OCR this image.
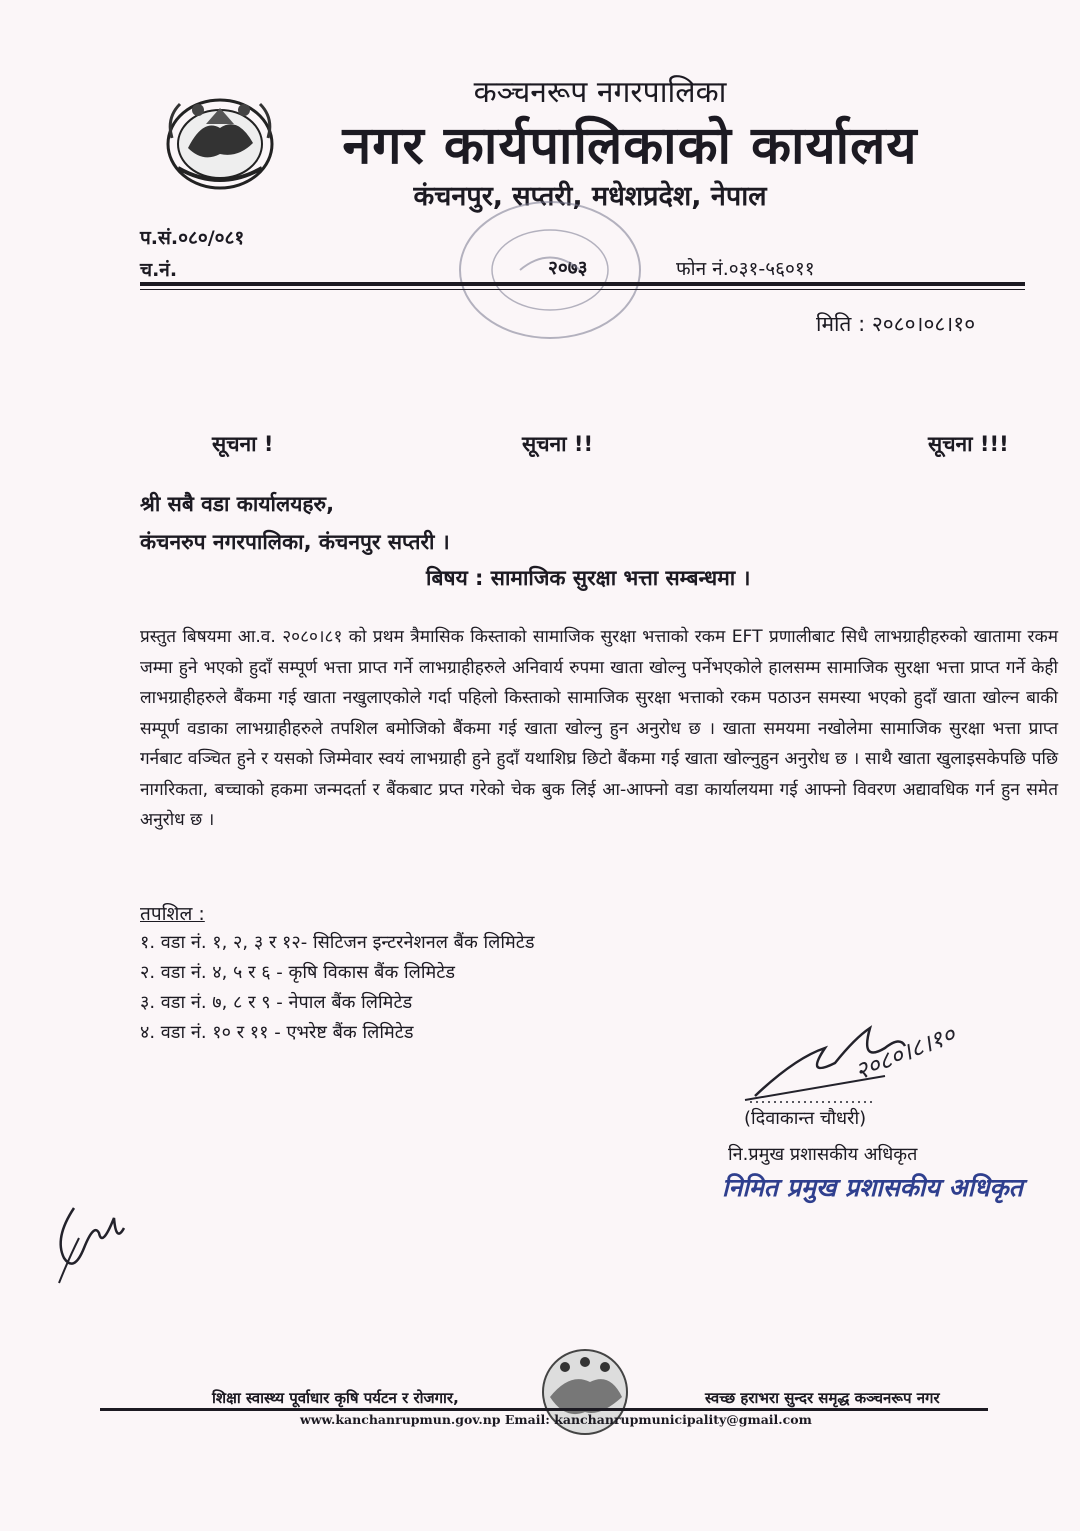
कञ्चनरूप नगरपालिका
नगर कार्यपालिकाको कार्यालय
कंचनपुर, सप्तरी, मधेशप्रदेश, नेपाल
प.सं.०८०/०८१
च.नं.	२०७३	फोन नं.०३१-५६०११
मिति : २०८०।०८।१०
सूचना !	सूचना !!	सूचना !!!
श्री सबै वडा कार्यालयहरु,
कंचनरुप नगरपालिका, कंचनपुर सप्तरी ।
बिषय : सामाजिक सुरक्षा भत्ता सम्बन्धमा ।
प्रस्तुत बिषयमा आ.व. २०८०।८१ को प्रथम त्रैमासिक किस्ताको सामाजिक सुरक्षा भत्ताको रकम EFT प्रणालीबाट सिधै लाभग्राहीहरुको खातामा रकम जम्मा हुने भएको हुदाँ सम्पूर्ण भत्ता प्राप्त गर्ने लाभग्राहीहरुले अनिवार्य रुपमा खाता खोल्नु पर्नेभएकोले हालसम्म सामाजिक सुरक्षा भत्ता प्राप्त गर्ने केही लाभग्राहीहरुले बैंकमा गई खाता नखुलाएकोले गर्दा पहिलो किस्ताको सामाजिक सुरक्षा भत्ताको रकम पठाउन समस्या भएको हुदाँ खाता खोल्न बाकी सम्पूर्ण वडाका लाभग्राहीहरुले तपशिल बमोजिको बैंकमा गई खाता खोल्नु हुन अनुरोध छ । खाता समयमा नखोलेमा सामाजिक सुरक्षा भत्ता प्राप्त गर्नबाट वञ्चित हुने र यसको जिम्मेवार स्वयं लाभग्राही हुने हुदाँ यथाशिघ्र छिटो बैंकमा गई खाता खोल्नुहुन अनुरोध छ । साथै खाता खुलाइसकेपछि पछि नागरिकता, बच्चाको हकमा जन्मदर्ता र बैंकबाट प्रप्त गरेको चेक बुक लिई आ-आफ्नो वडा कार्यालयमा गई आफ्नो विवरण अद्यावधिक गर्न हुन समेत अनुरोध छ ।
तपशिल :
१. वडा नं. १, २, ३ र १२- सिटिजन इन्टरनेशनल बैंक लिमिटेड
२. वडा नं. ४, ५ र ६ - कृषि विकास बैंक लिमिटेड
३. वडा नं. ७, ८ र ९ - नेपाल बैंक लिमिटेड
४. वडा नं. १० र ११ - एभरेष्ट बैंक लिमिटेड	२०८०।८।१०
(दिवाकान्त चौधरी)
नि.प्रमुख प्रशासकीय अधिकृत
निमित प्रमुख प्रशासकीय अधिकृत
शिक्षा स्वास्थ्य पूर्वाधार कृषि पर्यटन र रोजगार,	स्वच्छ हराभरा सुन्दर समृद्ध कञ्चनरूप नगर
www.kanchanrupmun.gov.np Email: kanchanrupmunicipality@gmail.com
